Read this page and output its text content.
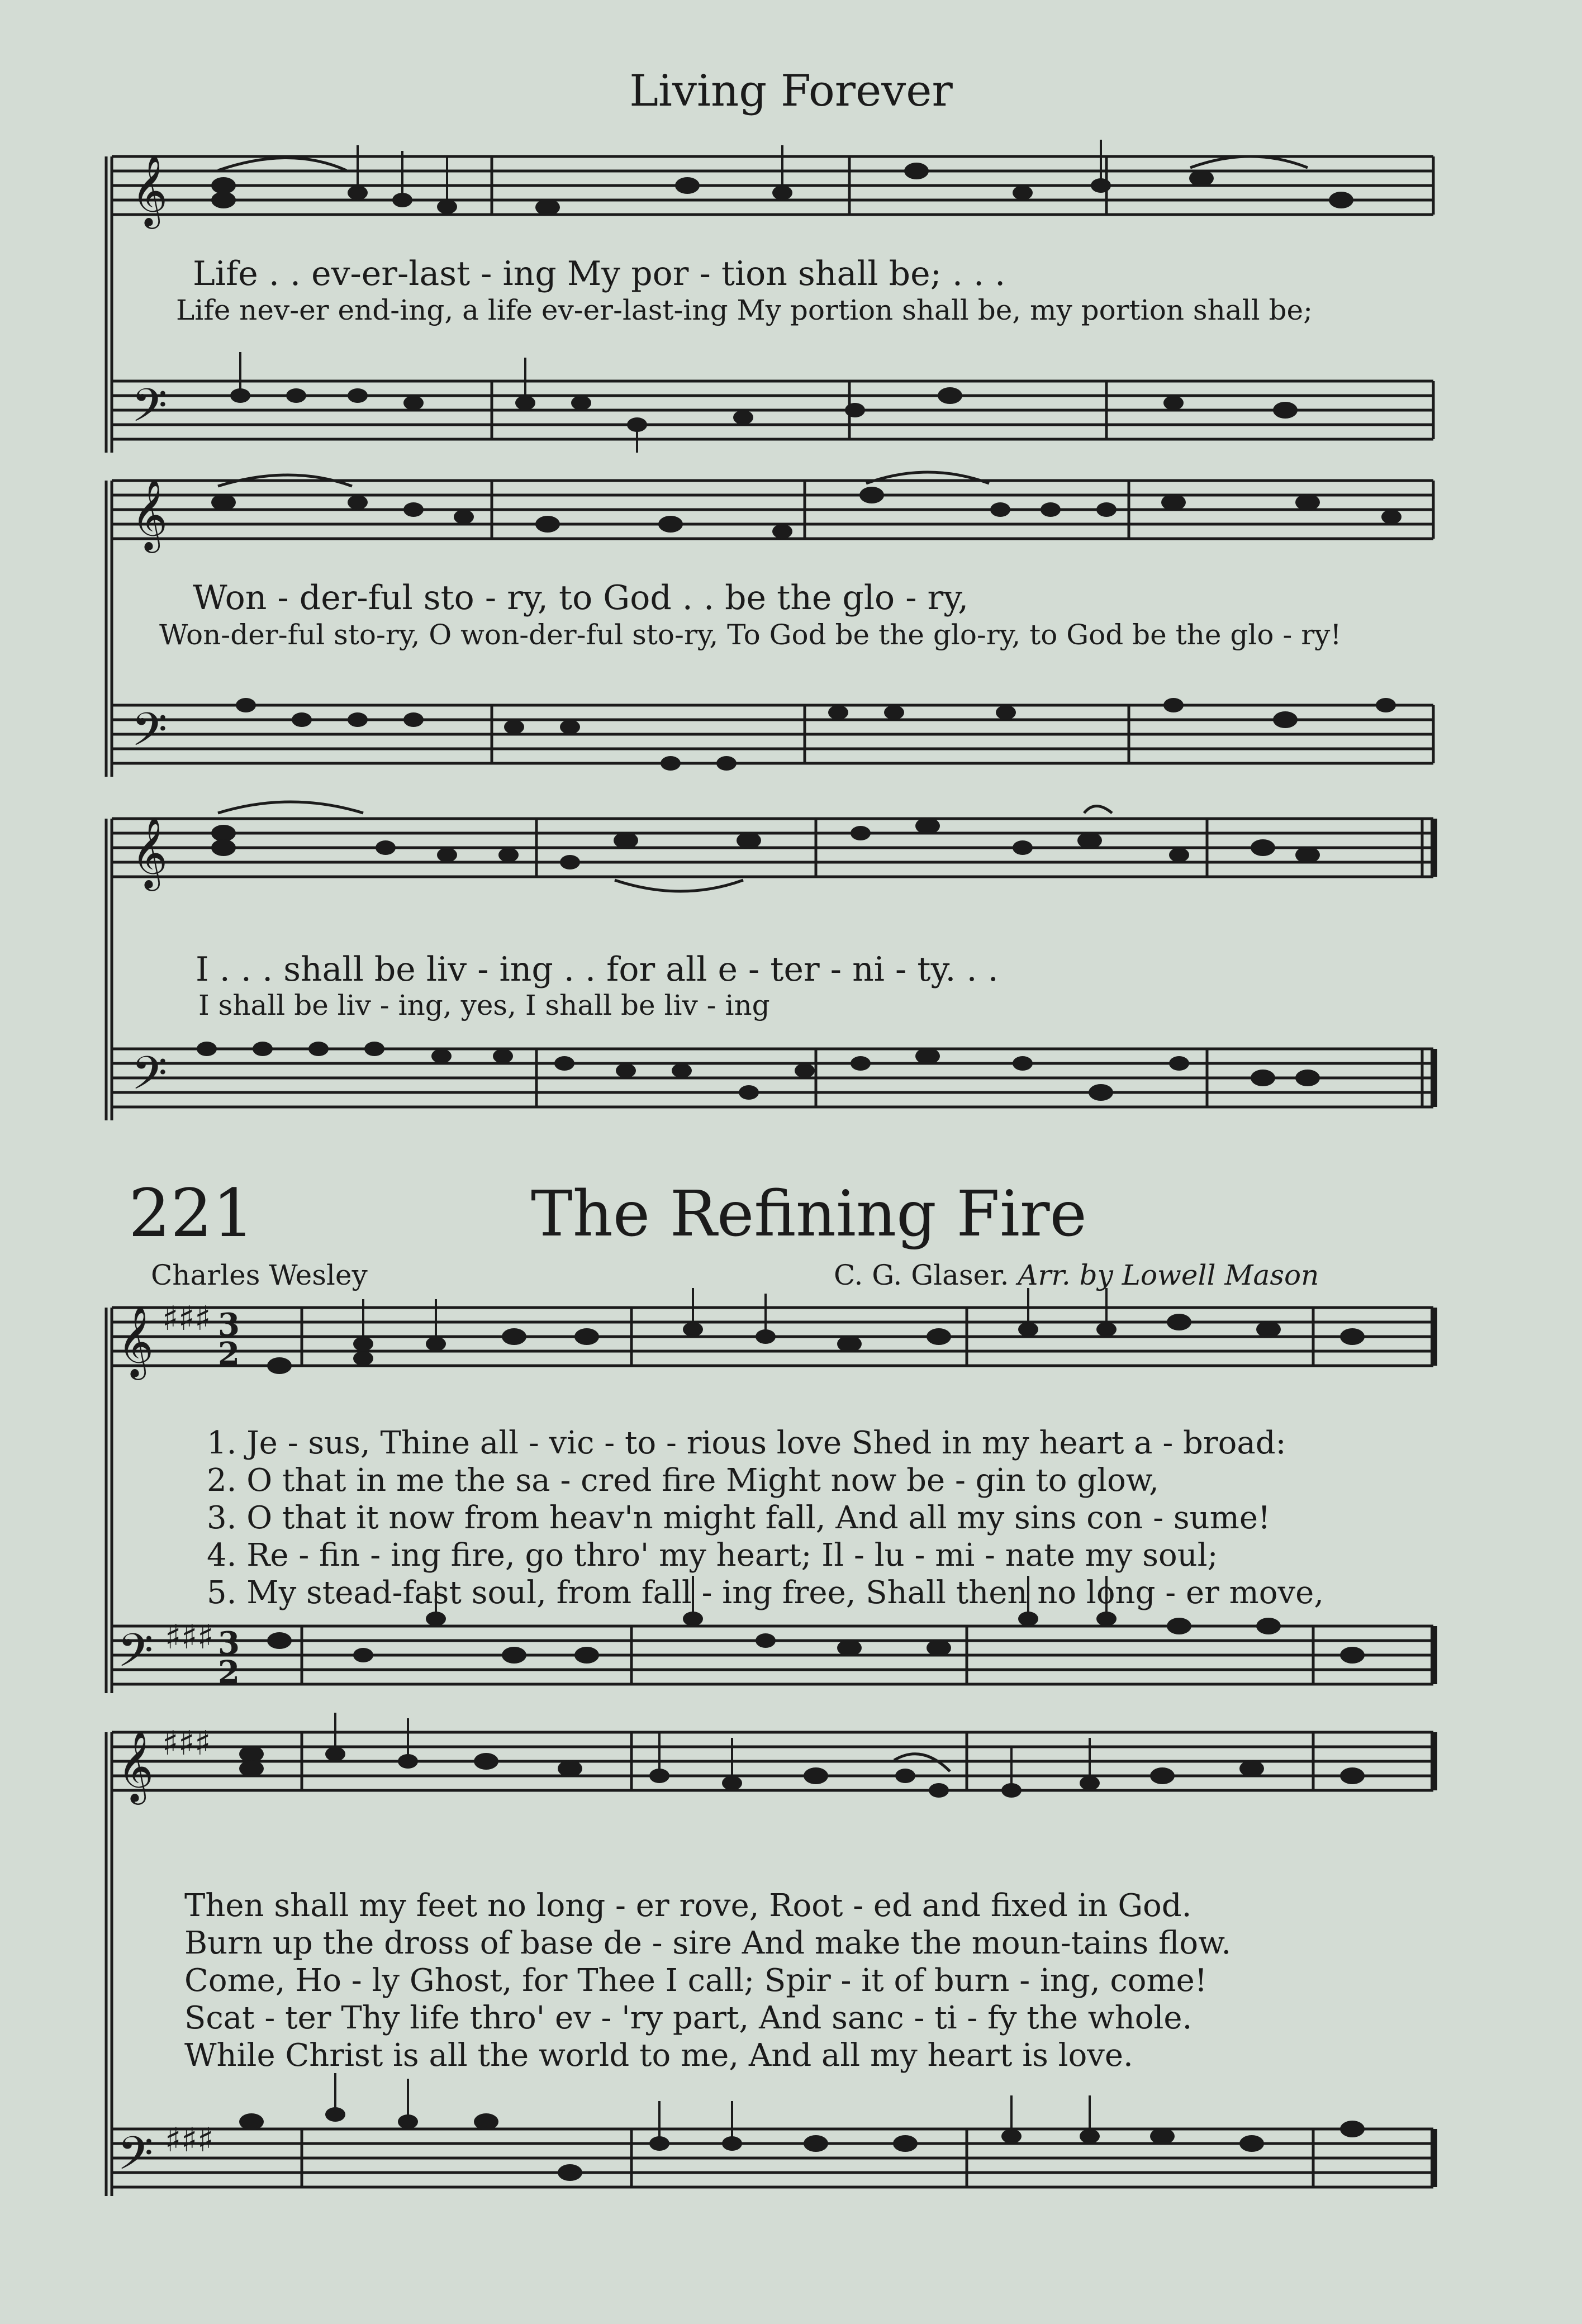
Living Forever
𝄞
𝄢
Life . . ev-er-last - ing My por - tion shall be; . . .
Life nev-er end-ing, a life ev-er-last-ing My portion shall be, my portion shall be;
𝄞
𝄢
Won - der-ful sto - ry, to God . . be the glo - ry,
Won-der-ful sto-ry, O won-der-ful sto-ry, To God be the glo-ry, to God be the glo - ry!
𝄞
𝄢
I . . . shall be liv - ing . . for all e - ter - ni - ty. . .
I shall be liv - ing, yes, I shall be liv - ing
221	The Refining Fire
Charles Wesley	C. G. Glaser. Arr. by Lowell Mason
𝄞
𝄢
♯♯♯
♯♯♯
3
2
3
2
1. Je - sus, Thine all - vic - to - rious love Shed in my heart a - broad:
2. O that in me the sa - cred fire Might now be - gin to glow,
3. O that it now from heav'n might fall, And all my sins con - sume!
4. Re - fin - ing fire, go thro' my heart; Il - lu - mi - nate my soul;
5. My stead-fast soul, from fall - ing free, Shall then no long - er move,
𝄞
𝄢
♯♯♯
♯♯♯
Then shall my feet no long - er rove, Root - ed and fixed in God.
Burn up the dross of base de - sire And make the moun-tains flow.
Come, Ho - ly Ghost, for Thee I call; Spir - it of burn - ing, come!
Scat - ter Thy life thro' ev - 'ry part, And sanc - ti - fy the whole.
While Christ is all the world to me, And all my heart is love.
